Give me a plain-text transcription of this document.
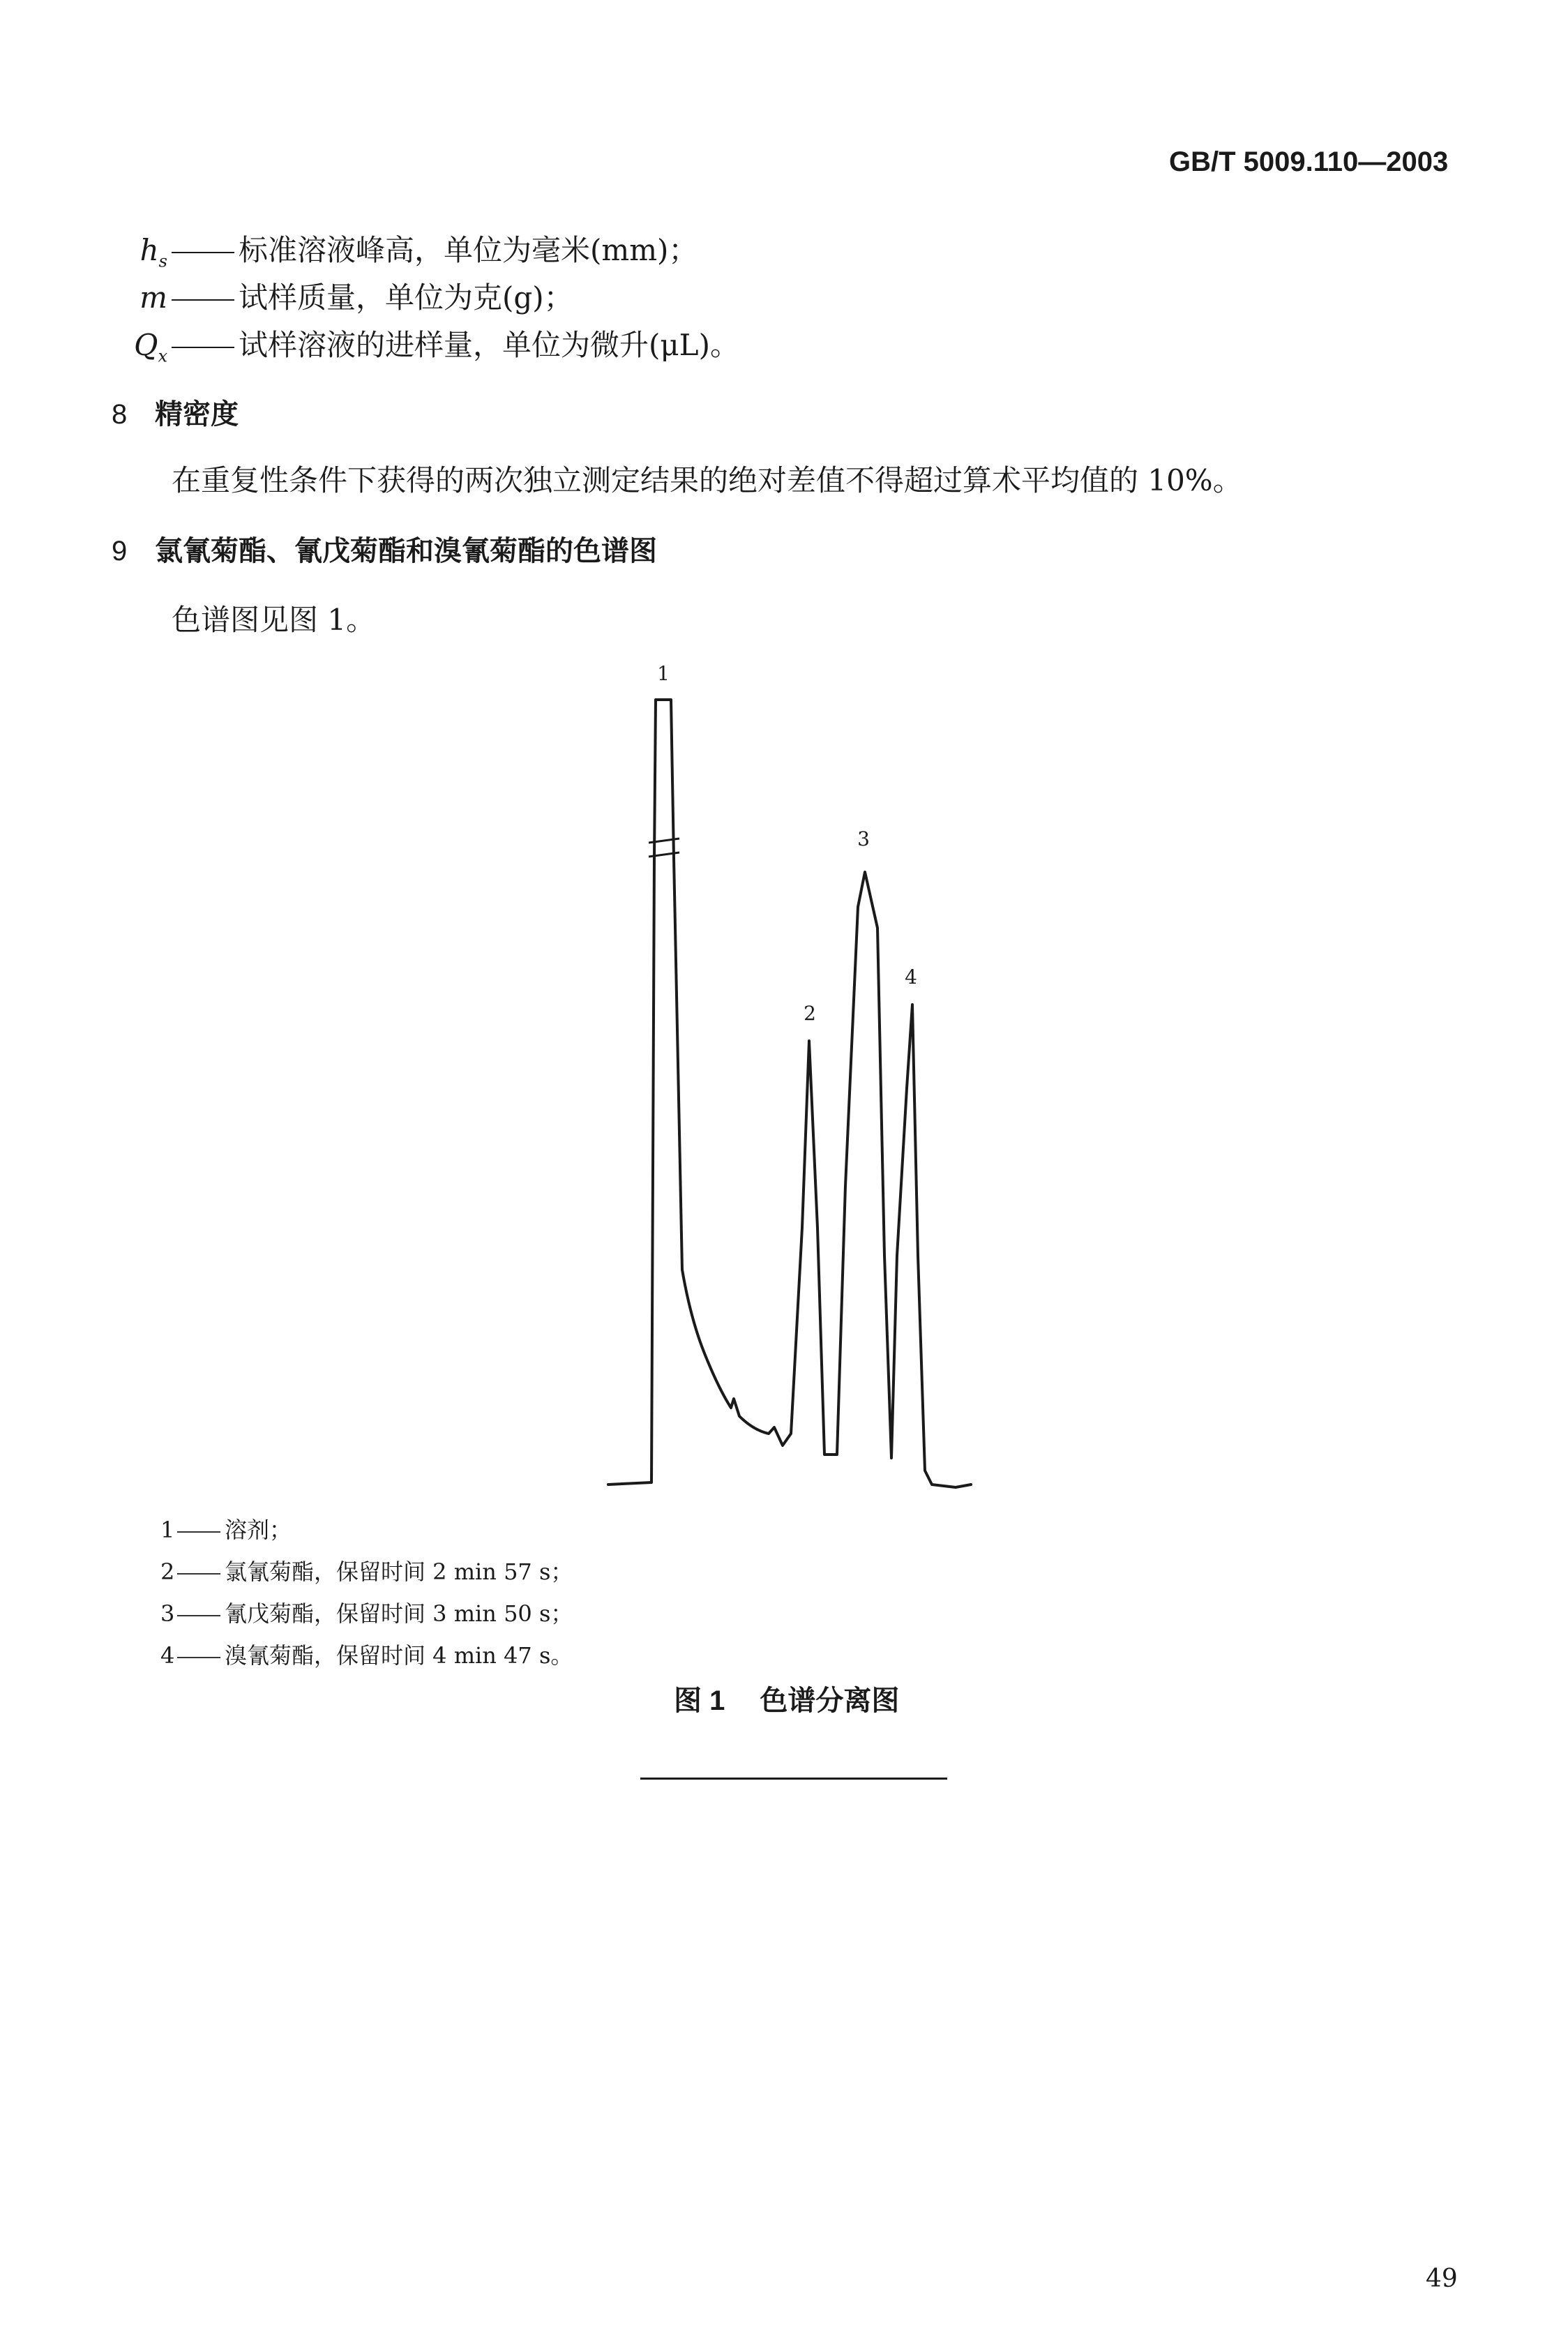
GB/T 5009.110—2003
$h_s$ 标准溶液峰高，单位为毫米(mm)；
m 试样质量，单位为克(g)；
$Q_x$ 试样溶液的进样量，单位为微升(μL)。
8 精密度
在重复性条件下获得的两次独立测定结果的绝对差值不得超过算术平均值的 10%。
9 氯氰菊酯、氰戊菊酯和溴氰菊酯的色谱图
色谱图见图 1。
1
2
3
4
1 溶剂；
2 氯氰菊酯，保留时间 2 min 57 s；
3 氰戊菊酯，保留时间 3 min 50 s；
4 溴氰菊酯，保留时间 4 min 47 s。
图 1 色谱分离图
49
